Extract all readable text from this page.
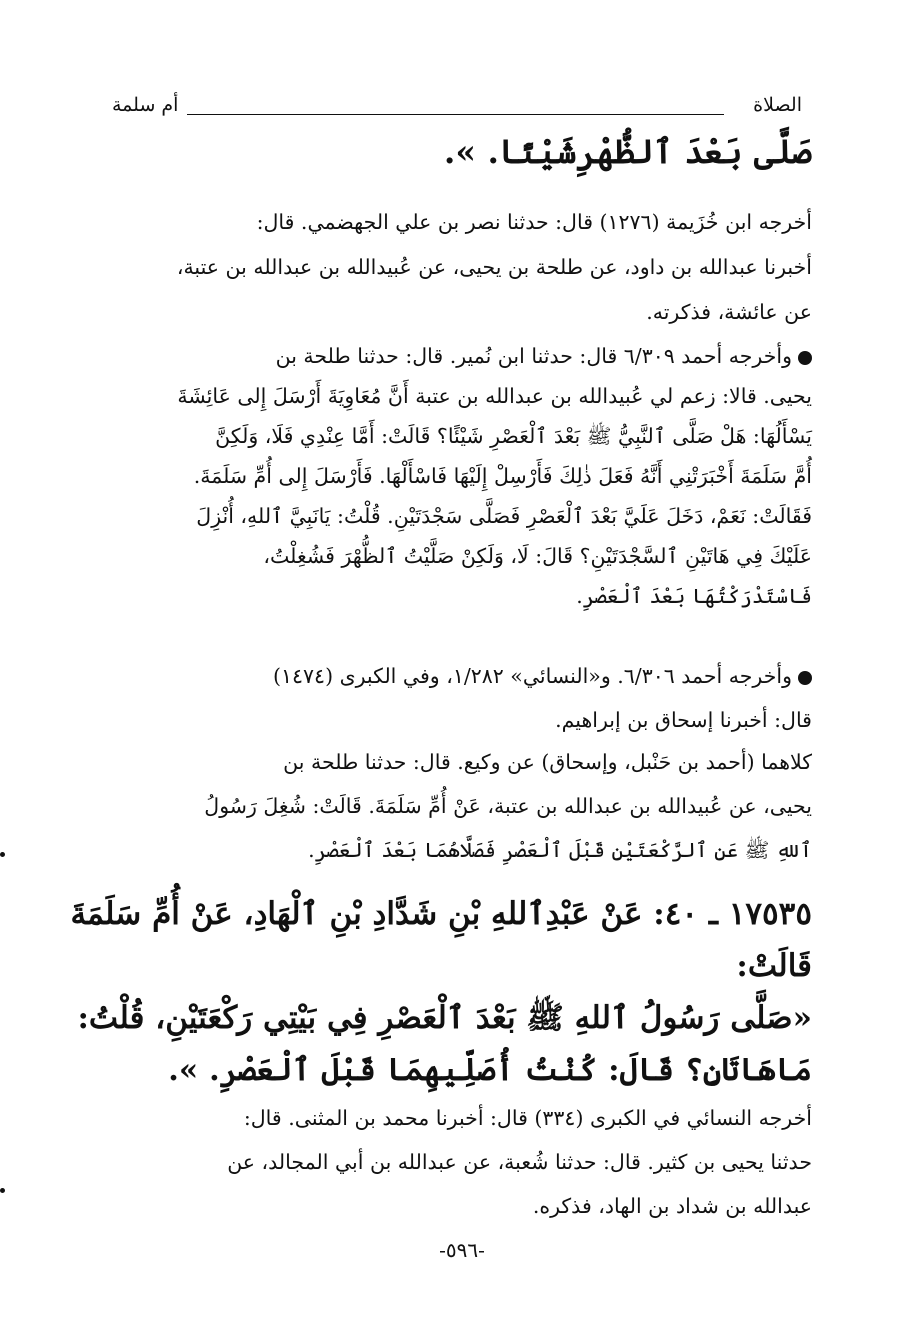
الصلاة
أم سلمة
صَلَّى بَعْدَ ٱلظُّهْرِشَيْئًا. ».
أخرجه ابن خُزَيمة (١٢٧٦) قال: حدثنا نصر بن علي الجهضمي. قال:
أخبرنا عبدالله بن داود، عن طلحة بن يحيى، عن عُبيدالله بن عبدالله بن عتبة،
عن عائشة، فذكرته.
وأخرجه أحمد ٦/٣٠٩ قال: حدثنا ابن نُمير. قال: حدثنا طلحة بن
يحيى. قالا: زعم لي عُبيدالله بن عبدالله بن عتبة أَنَّ مُعَاوِيَةَ أَرْسَلَ إِلى عَائِشَةَ
يَسْأَلُهَا: هَلْ صَلَّى ٱلنَّبِيُّ ﷺ بَعْدَ ٱلْعَصْرِ شَيْئًا؟ قَالَتْ: أَمَّا عِنْدِي فَلَا، وَلَكِنَّ
أُمَّ سَلَمَةَ أَخْبَرَتْنِي أَنَّهُ فَعَلَ ذٰلِكَ فَأَرْسِلْ إِلَيْهَا فَاسْأَلْهَا. فَأَرْسَلَ إِلى أُمِّ سَلَمَةَ.
فَقَالَتْ: نَعَمْ، دَخَلَ عَلَيَّ بَعْدَ ٱلْعَصْرِ فَصَلَّى سَجْدَتَيْنِ. قُلْتُ: يَانَبِيَّ ٱللهِ، أُنْزِلَ
عَلَيْكَ فِي هَاتَيْنِ ٱلسَّجْدَتَيْنِ؟ قَالَ: لَا، وَلَكِنْ صَلَّيْتُ ٱلظُّهْرَ فَشُغِلْتُ،
فَاسْتَدْرَكْتُهَا بَعْدَ ٱلْعَصْرِ.
وأخرجه أحمد ٦/٣٠٦. و«النسائي» ١/٢٨٢، وفي الكبرى (١٤٧٤)
قال: أخبرنا إسحاق بن إبراهيم.
كلاهما (أحمد بن حَنْبل، وإسحاق) عن وكيع. قال: حدثنا طلحة بن
يحيى، عن عُبيدالله بن عبدالله بن عتبة، عَنْ أُمِّ سَلَمَةَ. قَالَتْ: شُغِلَ رَسُولُ
ٱللهِ ﷺ عَنِ ٱلرَّكْعَتَيْنِ قَبْلَ ٱلْعَصْرِ فَصَلَّاهُمَا بَعْدَ ٱلْعَصْرِ.
١٧٥٣٥ ـ ٤٠: عَنْ عَبْدِٱللهِ بْنِ شَدَّادِ بْنِ ٱلْهَادِ، عَنْ أُمِّ سَلَمَةَ
قَالَتْ:
«صَلَّى رَسُولُ ٱللهِ ﷺ بَعْدَ ٱلْعَصْرِ فِي بَيْتِي رَكْعَتَيْنِ، قُلْتُ:
مَاهَاتَانِ؟ قَالَ: كُنْتُ أُصَلِّيهِمَا قَبْلَ ٱلْعَصْرِ. ».
أخرجه النسائي في الكبرى (٣٣٤) قال: أخبرنا محمد بن المثنى. قال:
حدثنا يحيى بن كثير. قال: حدثنا شُعبة، عن عبدالله بن أبي المجالد، عن
عبدالله بن شداد بن الهاد، فذكره.
-٥٩٦-
